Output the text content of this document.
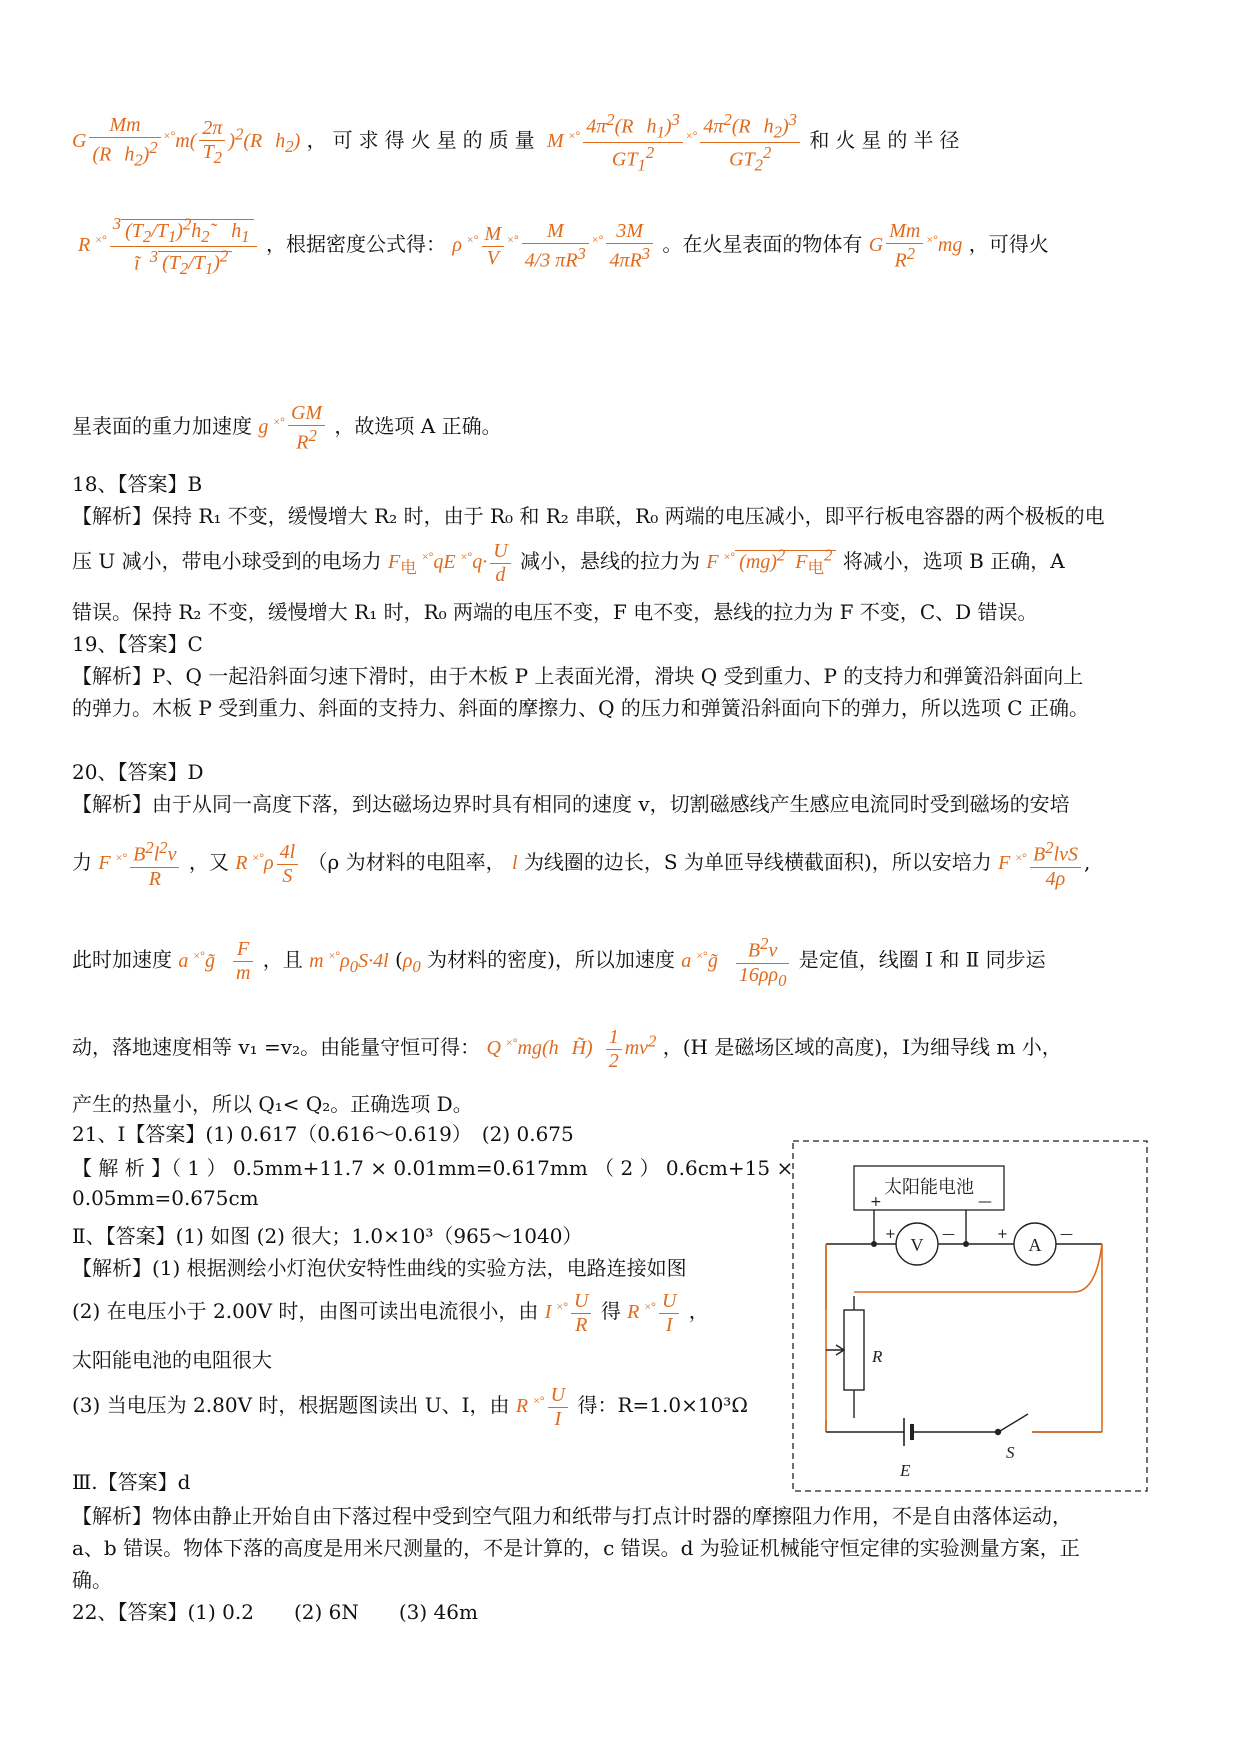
G $\frac{Mm}{(R h_2)^2} ^{\times^\circ}m( \frac{2\pi}{T_2} )^2(R$   $h_2$) ，可求得火星的质量 M $^{\times^\circ} \frac{4\pi^2(R h_1)^3}{GT_1^2} ^{\times^\circ} \frac{4\pi^2(R h_2)^3}{GT_2^2}$ 和火星的半径
R $^{\times^\circ} \frac{^3 (T_2/T_1)^2h_2˜ h_1}{ĩ ^3 (T_2/T_1)^2}$ ，根据密度公式得： ρ $^{\times^\circ} \frac{M}{V} ^{\times^\circ} \frac{M}{4/3 \pi R^3} ^{\times^\circ} \frac{3M}{4\pi R^3}$ 。在火星表面的物体有 G $\frac{Mm}{R^2} ^{\times^\circ}mg$ ，可得火
星表面的重力加速度 g $^{\times^\circ} \frac{GM}{R^2}$ ，故选项 A 正确。
18、【答案】B
【解析】保持 R₁ 不变，缓慢增大 R₂ 时，由于 R₀ 和 R₂ 串联，R₀ 两端的电压减小，即平行板电容器的两个极板的电
压 U 减小，带电小球受到的电场力 $F_电$ ×°qE $^{\times^\circ}q\cdot \frac{U}{d}$ 减小，悬线的拉力为 F ×° (mg)$^2$  $F_电^2$ 将减小，选项 B 正确，A
错误。保持 R₂ 不变，缓慢增大 R₁ 时，R₀ 两端的电压不变，F 电不变，悬线的拉力为 F 不变，C、D 错误。
19、【答案】C
【解析】P、Q 一起沿斜面匀速下滑时，由于木板 P 上表面光滑，滑块 Q 受到重力、P 的支持力和弹簧沿斜面向上
的弹力。木板 P 受到重力、斜面的支持力、斜面的摩擦力、Q 的压力和弹簧沿斜面向下的弹力，所以选项 C 正确。
20、【答案】D
【解析】由于从同一高度下落，到达磁场边界时具有相同的速度 v，切割磁感线产生感应电流同时受到磁场的安培
力 F $^{\times^\circ} \frac{B^2l^2v}{R}$ ，又 R $^{\times^\circ}\rho \frac{4l}{S} (\rho$ 为材料的电阻率， l 为线圈的边长，S 为单匝导线横截面积)，所以安培力 F $^{\times^\circ} \frac{B^2lvS}{4\rho}$ ,
此时加速度 a ×°g̃ $\frac{F}{m}$ ，且 m $^{\times^\circ}\rho_0S\cdot 4l$ ($\rho_0$ 为材料的密度)，所以加速度 a ×°g̃ $\frac{B^2v}{16\rho\rho_0}$ 是定值，线圈 I 和 Ⅱ 同步运
动，落地速度相等 v₁ =v₂。由能量守恒可得： Q ×°mg(h   H̃) $\frac{1}{2} mv^2$ ，(H 是磁场区域的高度)，Ⅰ为细导线 m 小，
产生的热量小，所以 Q₁< Q₂。正确选项 D。
21、Ⅰ【答案】(1) 0.617（0.616～0.619）　(2) 0.675
【 解 析 】（ 1 ） 0.5mm+11.7 × 0.01mm=0.617mm （ 2 ） 0.6cm+15 ×
0.05mm=0.675cm
Ⅱ、【答案】(1) 如图 (2) 很大；1.0×10³（965～1040）
【解析】(1) 根据测绘小灯泡伏安特性曲线的实验方法，电路连接如图
(2) 在电压小于 2.00V 时，由图可读出电流很小，由 I $^{\times^\circ} \frac{U}{R}$ 得 R $^{\times^\circ} \frac{U}{I}$ ，
太阳能电池的电阻很大
(3) 当电压为 2.80V 时，根据题图读出 U、I，由 R $^{\times^\circ} \frac{U}{I}$ 得：R=1.0×10³Ω
太阳能电池
+	—
V
+	—
A
+	—
R
E
S
Ⅲ.【答案】d
【解析】物体由静止开始自由下落过程中受到空气阻力和纸带与打点计时器的摩擦阻力作用，不是自由落体运动，
a、b 错误。物体下落的高度是用米尺测量的，不是计算的，c 错误。d 为验证机械能守恒定律的实验测量方案，正
确。
22、【答案】(1) 0.2　　(2) 6N　　(3) 46m
